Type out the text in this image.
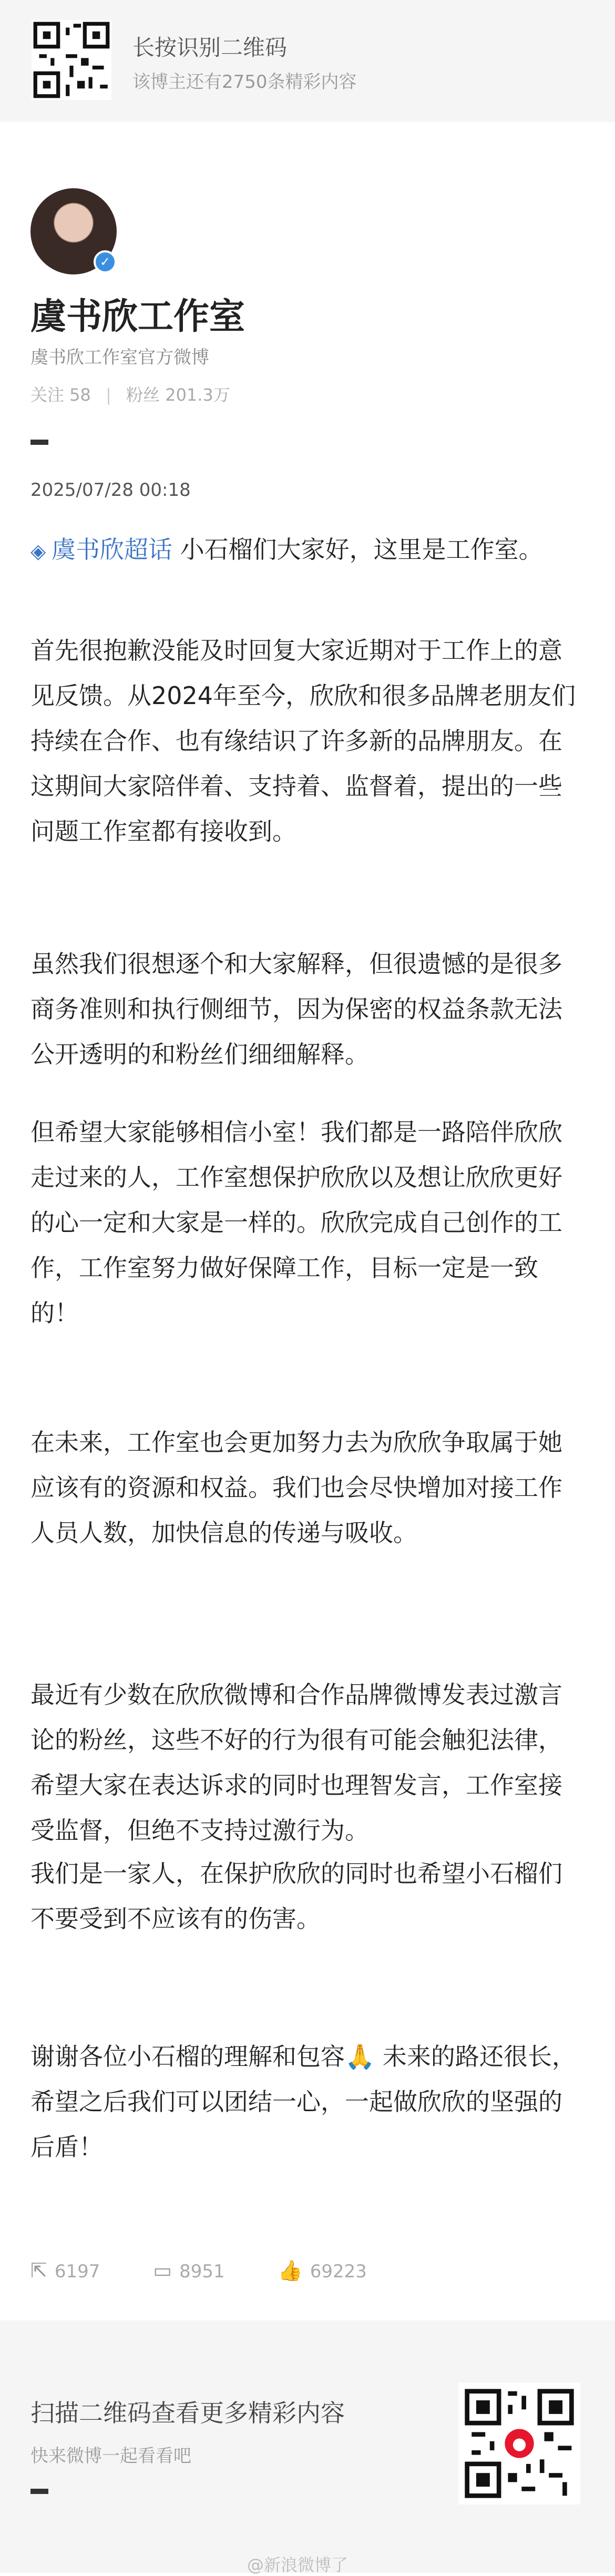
长按识别二维码
该博主还有2750条精彩内容
✓
虞书欣工作室
虞书欣工作室官方微博
关注 58 | 粉丝 201.3万
2025/07/28 00:18

◈ 虞书欣超话 小石榴们大家好，这里是工作室。

首先很抱歉没能及时回复大家近期对于工作上的意见反馈。从2024年至今，欣欣和很多品牌老朋友们持续在合作、也有缘结识了许多新的品牌朋友。在这期间大家陪伴着、支持着、监督着，提出的一些问题工作室都有接收到。

虽然我们很想逐个和大家解释，但很遗憾的是很多商务准则和执行侧细节，因为保密的权益条款无法公开透明的和粉丝们细细解释。

但希望大家能够相信小室！我们都是一路陪伴欣欣走过来的人，工作室想保护欣欣以及想让欣欣更好的心一定和大家是一样的。欣欣完成自己创作的工作，工作室努力做好保障工作，目标一定是一致的！

在未来，工作室也会更加努力去为欣欣争取属于她应该有的资源和权益。我们也会尽快增加对接工作人员人数，加快信息的传递与吸收。

最近有少数在欣欣微博和合作品牌微博发表过激言论的粉丝，这些不好的行为很有可能会触犯法律，希望大家在表达诉求的同时也理智发言，工作室接受监督，但绝不支持过激行为。

我们是一家人，在保护欣欣的同时也希望小石榴们不要受到不应该有的伤害。

谢谢各位小石榴的理解和包容🙏 未来的路还很长，希望之后我们可以团结一心，一起做欣欣的坚强的后盾！

⇱ 6197	▭ 8951	👍 69223
扫描二维码查看更多精彩内容
快来微博一起看看吧
@新浪微博了
